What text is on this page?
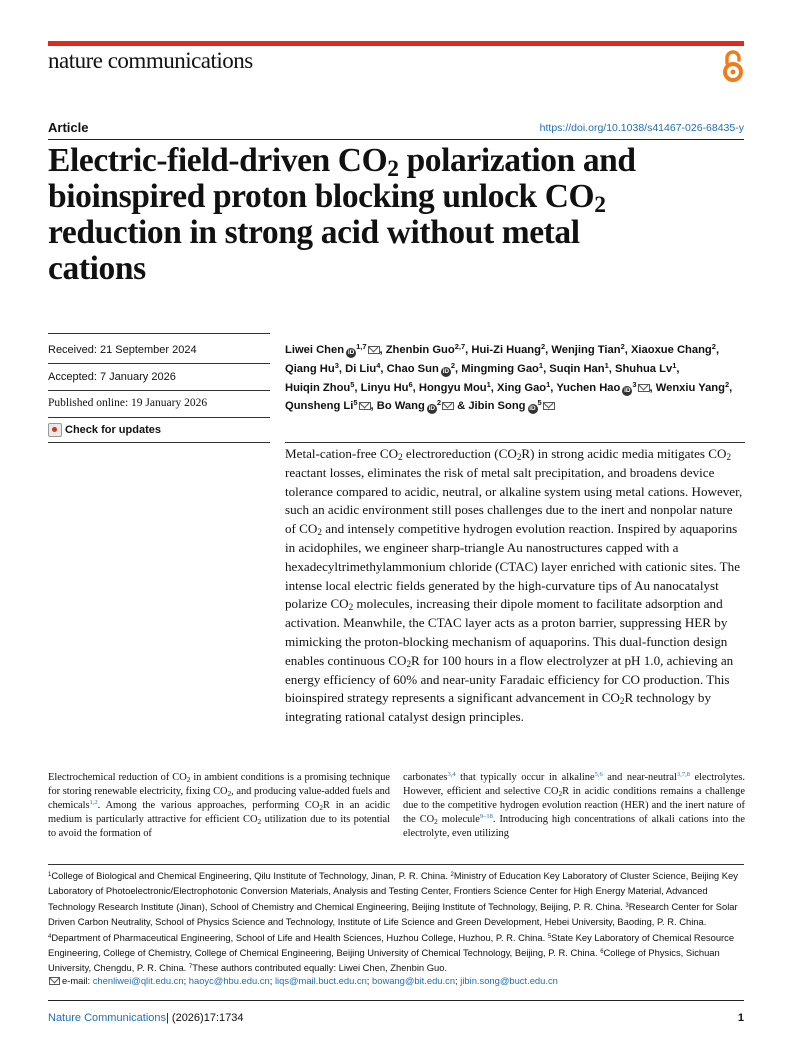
nature communications
Article	https://doi.org/10.1038/s41467-026-68435-y
Electric-field-driven $CO_2$ polarization and
bioinspired proton blocking unlock $CO_2$
reduction in strong acid without metal
cations
Received: 21 September 2024
Accepted: 7 January 2026
Published online: 19 January 2026
Check for updates
Liwei Chen iD$^{1,7}$ , Zhenbin Guo$^{2,7}$, Hui-Zi Huang$^2$, Wenjing Tian$^2$, Xiaoxue Chang$^2$, Qiang Hu$^3$, Di Liu$^4$, Chao Sun $iD^2$, Mingming Gao$^1$, Suqin Han$^1$, Shuhua Lv$^1$, Huiqin Zhou$^5$, Linyu Hu$^6$, Hongyu Mou$^1$, Xing Gao$^1$, Yuchen Hao $iD^3$ , Wenxiu Yang$^2$, Qunsheng Li$^5$ , Bo Wang $iD^2$ & Jibin Song $iD^5$

Metal-cation-free $CO_2$ electroreduction $(CO_2R)$ in strong acidic media mitigates $CO_2$ reactant losses, eliminates the risk of metal salt precipitation, and broadens device tolerance compared to acidic, neutral, or alkaline system using metal cations. However, such an acidic environment still poses challenges due to the inert and nonpolar nature of $CO_2$ and intensely competitive hydrogen evolution reaction. Inspired by aquaporins in acidophiles, we engineer sharp-triangle Au nanostructures capped with a hexadecyltrimethylammonium chloride (CTAC) layer enriched with cationic sites. The intense local electric fields generated by the high-curvature tips of Au nanocatalyst polarize $CO_2$ molecules, increasing their dipole moment to facilitate adsorption and activation. Meanwhile, the CTAC layer acts as a proton barrier, suppressing HER by mimicking the proton-blocking mechanism of aquaporins. This dual-function design enables continuous $CO_2R$ for 100 hours in a flow electrolyzer at pH 1.0, achieving an energy efficiency of 60% and near-unity Faradaic efficiency for CO production. This bioinspired strategy represents a significant advancement in $CO_2R$ technology by integrating rational catalyst design principles.

Electrochemical reduction of $CO_2$ in ambient conditions is a promising technique for storing renewable electricity, fixing $CO_2$, and producing value-added fuels and chemicals$^{1,2}$. Among the various approaches, performing $CO_2R$ in an acidic medium is particularly attractive for efficient $CO_2$ utilization due to its potential to avoid the formation of

carbonates$^{3,4}$ that typically occur in alkaline$^{5,6}$ and near-neutral$^{3,7,8}$ electrolytes. However, efficient and selective $CO_2R$ in acidic conditions remains a challenge due to the competitive hydrogen evolution reaction (HER) and the inert nature of the $CO_2$ molecule$^{9-18}$. Introducing high concentrations of alkali cations into the electrolyte, even utilizing

$^1$College of Biological and Chemical Engineering, Qilu Institute of Technology, Jinan, P. R. China. $^2$Ministry of Education Key Laboratory of Cluster Science, Beijing Key Laboratory of Photoelectronic/Electrophotonic Conversion Materials, Analysis and Testing Center, Frontiers Science Center for High Energy Material, Advanced Technology Research Institute (Jinan), School of Chemistry and Chemical Engineering, Beijing Institute of Technology, Beijing, P. R. China. $^3$Research Center for Solar Driven Carbon Neutrality, School of Physics Science and Technology, Institute of Life Science and Green Development, Hebei University, Baoding, P. R. China. $^4$Department of Pharmaceutical Engineering, School of Life and Health Sciences, Huzhou College, Huzhou, P. R. China. $^5$State Key Laboratory of Chemical Resource Engineering, College of Chemistry, College of Chemical Engineering, Beijing University of Chemical Technology, Beijing, P. R. China. $^6$College of Physics, Sichuan University, Chengdu, P. R. China. $^7$These authors contributed equally: Liwei Chen, Zhenbin Guo.

e-mail: chenliwei@qlit.edu.cn; haoyc@hbu.edu.cn; liqs@mail.buct.edu.cn; bowang@bit.edu.cn; jibin.song@buct.edu.cn
Nature Communications| (2026)17:1734	1
